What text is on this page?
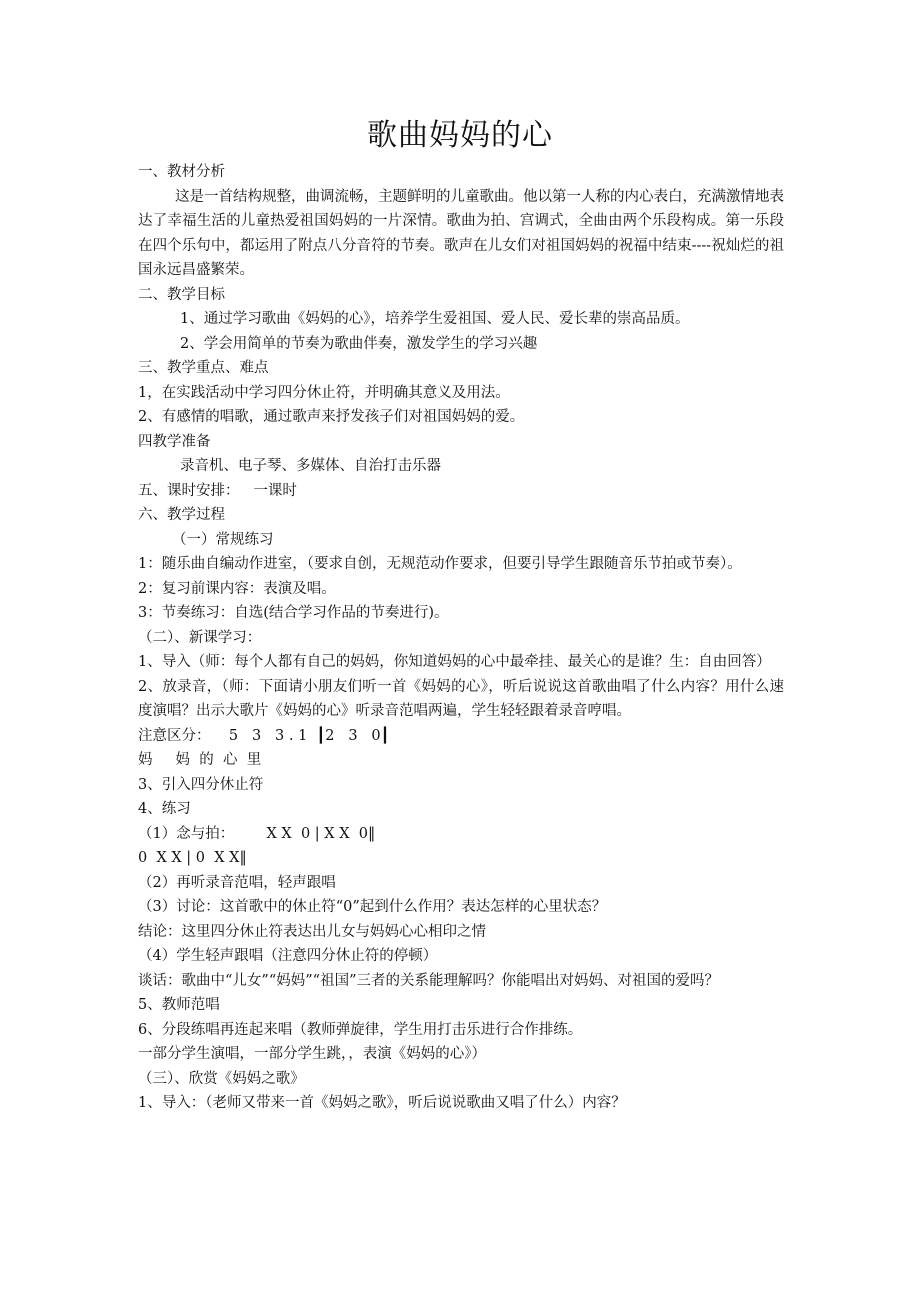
歌曲妈妈的心

一、教材分析

这是一首结构规整，曲调流畅，主题鲜明的儿童歌曲。他以第一人称的内心表白，充满激情地表达了幸福生活的儿童热爱祖国妈妈的一片深情。歌曲为拍、宫调式，全曲由两个乐段构成。第一乐段在四个乐句中，都运用了附点八分音符的节奏。歌声在儿女们对祖国妈妈的祝福中结束----祝灿烂的祖国永远昌盛繁荣。

二、教学目标

1、通过学习歌曲《妈妈的心》，培养学生爱祖国、爱人民、爱长辈的崇高品质。

2、学会用简单的节奏为歌曲伴奏，激发学生的学习兴趣

三、教学重点、难点

1，在实践活动中学习四分休止符，并明确其意义及用法。

2、有感情的唱歌，通过歌声来抒发孩子们对祖国妈妈的爱。

四教学准备

录音机、电子琴、多媒体、自治打击乐器

五、课时安排：   一课时

六、教学过程

（一）常规练习

1：随乐曲自编动作进室，（要求自创，无规范动作要求，但要引导学生跟随音乐节拍或节奏）。

2：复习前课内容：表演及唱。

3：节奏练习：自选(结合学习作品的节奏进行)。

（二）、新课学习：

1、导入（师：每个人都有自己的妈妈，你知道妈妈的心中最牵挂、最关心的是谁？生：自由回答）

2、放录音，（师：下面请小朋友们听一首《妈妈的心》，听后说说这首歌曲唱了什么内容？用什么速度演唱？出示大歌片《妈妈的心》听录音范唱两遍，学生轻轻跟着录音哼唱。

注意区分：    5   3   3 . 1  ┃2   3   0┃

妈     妈  的  心  里

3、引入四分休止符

4、练习

（1）念与拍：       X X  0 | X X  0‖

0  X X | 0  X X‖

（2）再听录音范唱，轻声跟唱

（3）讨论：这首歌中的休止符“0”起到什么作用？表达怎样的心里状态？

结论：这里四分休止符表达出儿女与妈妈心心相印之情

（4）学生轻声跟唱（注意四分休止符的停顿）

谈话：歌曲中“儿女”“妈妈”“祖国”三者的关系能理解吗？你能唱出对妈妈、对祖国的爱吗？

5、教师范唱

6、分段练唱再连起来唱（教师弹旋律，学生用打击乐进行合作排练。

一部分学生演唱，一部分学生跳，，表演《妈妈的心》）

（三）、欣赏《妈妈之歌》

1、导入：（老师又带来一首《妈妈之歌》，听后说说歌曲又唱了什么）内容？
